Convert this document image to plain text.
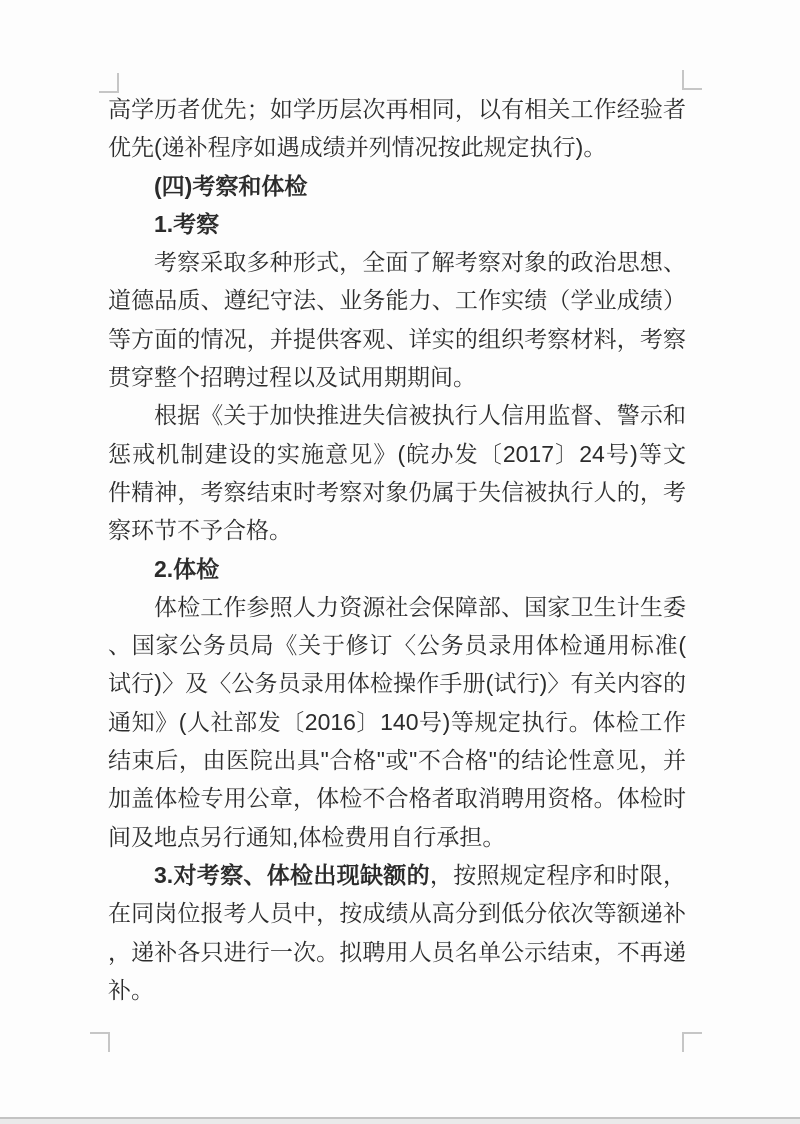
高学历者优先；如学历层次再相同，以有相关工作经验者
优先(递补程序如遇成绩并列情况按此规定执行)。
(四)考察和体检
1.考察
考察采取多种形式，全面了解考察对象的政治思想、
道德品质、遵纪守法、业务能力、工作实绩（学业成绩）
等方面的情况，并提供客观、详实的组织考察材料，考察
贯穿整个招聘过程以及试用期期间。
根据《关于加快推进失信被执行人信用监督、警示和
惩戒机制建设的实施意见》(皖办发〔2017〕24号)等文
件精神，考察结束时考察对象仍属于失信被执行人的，考
察环节不予合格。
2.体检
体检工作参照人力资源社会保障部、国家卫生计生委
、国家公务员局《关于修订〈公务员录用体检通用标准(
试行)〉及〈公务员录用体检操作手册(试行)〉有关内容的
通知》(人社部发〔2016〕140号)等规定执行。体检工作
结束后，由医院出具"合格"或"不合格"的结论性意见，并
加盖体检专用公章，体检不合格者取消聘用资格。体检时
间及地点另行通知,体检费用自行承担。
3.对考察、体检出现缺额的，按照规定程序和时限，
在同岗位报考人员中，按成绩从高分到低分依次等额递补
，递补各只进行一次。拟聘用人员名单公示结束，不再递
补。
